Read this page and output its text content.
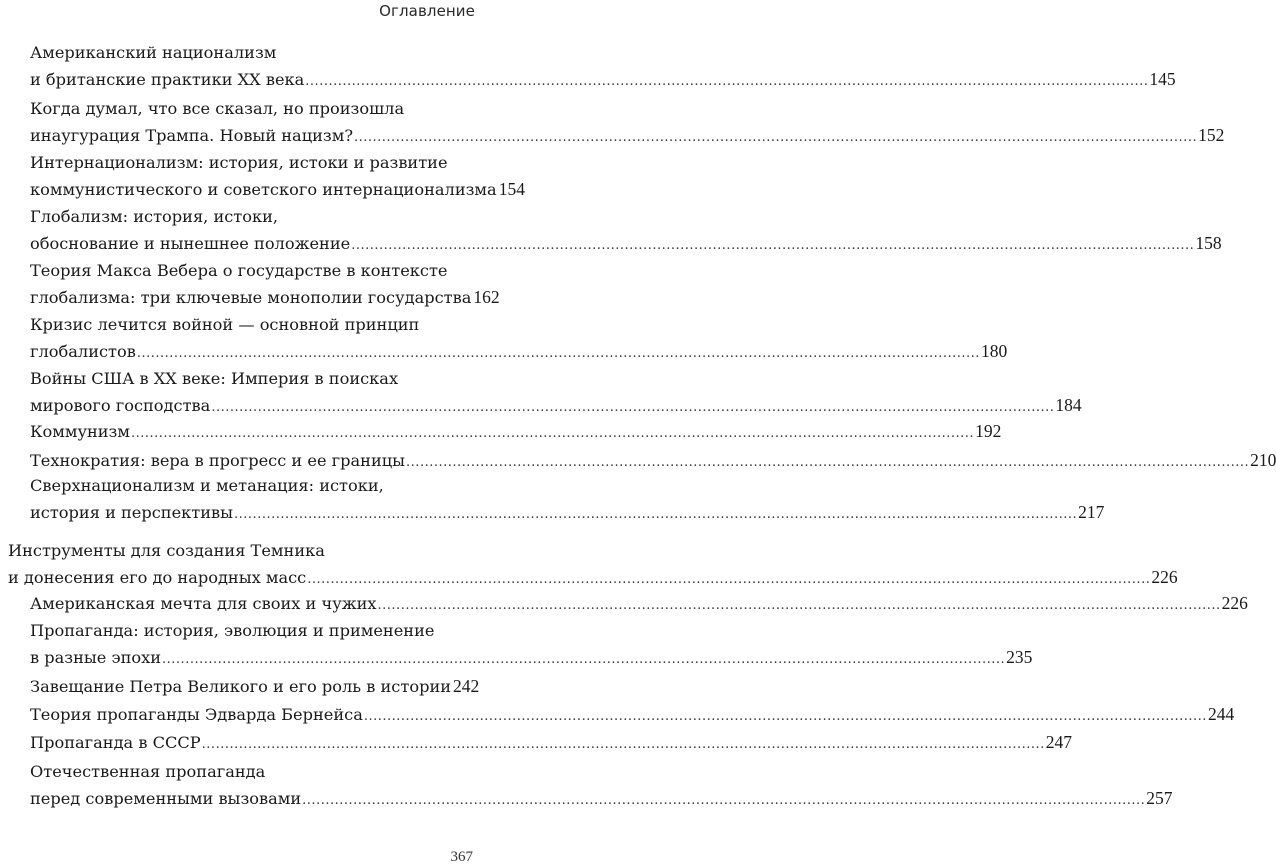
Оглавление
Американский национализм
и британские практики XX века .....	145
Когда думал, что все сказал, но произошла
инаугурация Трампа. Новый нацизм? .....	152
Интернационализм: история, истоки и развитие
коммунистического и советского интернационализма 154
Глобализм: история, истоки,
обоснование и нынешнее положение .....	158
Теория Макса Вебера о государстве в контексте
глобализма: три ключевые монополии государства 162
Кризис лечится войной — основной принцип
глобалистов .....	180
Войны США в XX веке: Империя в поисках
мирового господства .....	184
Коммунизм .....	192
Технократия: вера в прогресс и ее границы .....	210
Сверхнационализм и метанация: истоки,
история и перспективы .....	217
Инструменты для создания Темника
и донесения его до народных масс .....	226
Американская мечта для своих и чужих .....	226
Пропаганда: история, эволюция и применение
в разные эпохи .....	235
Завещание Петра Великого и его роль в истории 242
Теория пропаганды Эдварда Бернейса .....	244
Пропаганда в СССР .....	247
Отечественная пропаганда
перед современными вызовами .....	257
367
